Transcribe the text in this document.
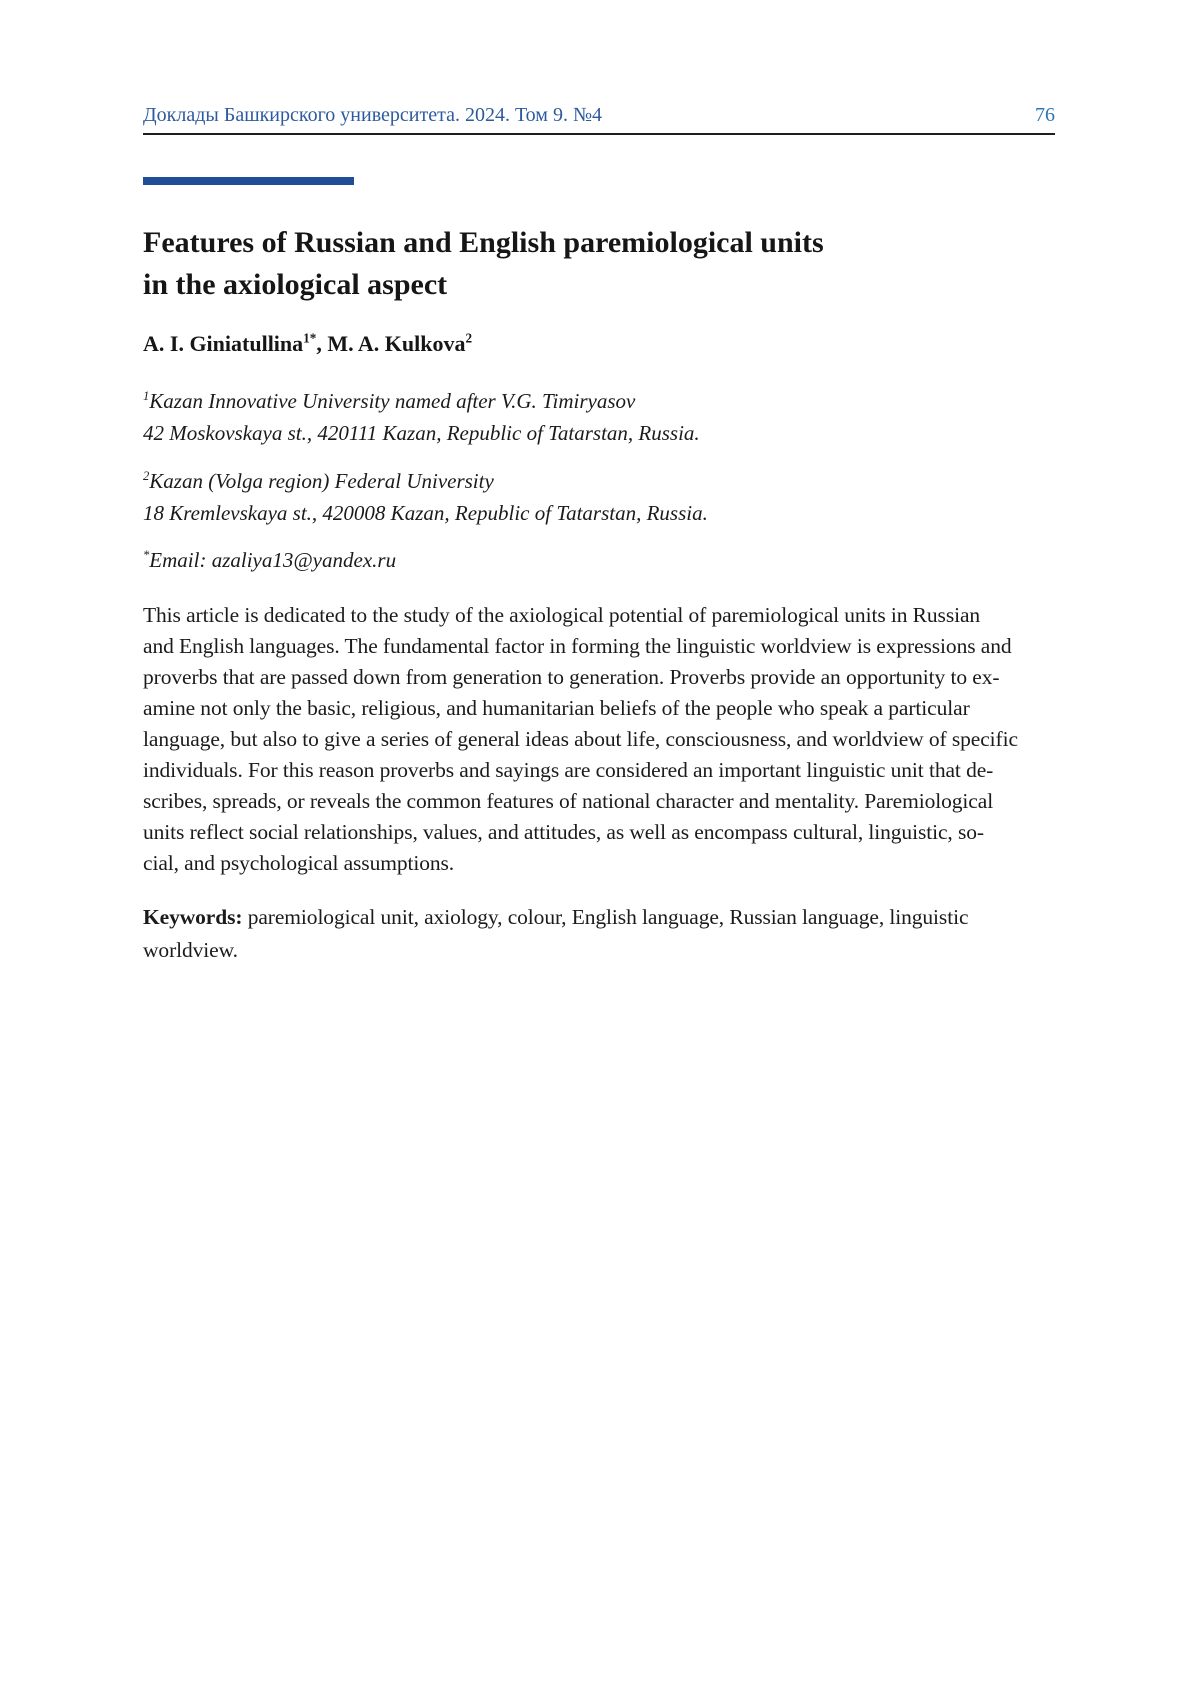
Доклады Башкирского университета. 2024. Том 9. №4	76
Features of Russian and English paremiological units
in the axiological aspect

A. I. Giniatullina$^{1*}$, M. A. Kulkova$^2$

$^1$Kazan Innovative University named after V.G. Timiryasov
42 Moskovskaya st., 420111 Kazan, Republic of Tatarstan, Russia.

$^2$Kazan (Volga region) Federal University
18 Kremlevskaya st., 420008 Kazan, Republic of Tatarstan, Russia.

*Email: azaliya13@yandex.ru

This article is dedicated to the study of the axiological potential of paremiological units in Russian
and English languages. The fundamental factor in forming the linguistic worldview is expressions and
proverbs that are passed down from generation to generation. Proverbs provide an opportunity to ex-
amine not only the basic, religious, and humanitarian beliefs of the people who speak a particular
language, but also to give a series of general ideas about life, consciousness, and worldview of specific
individuals. For this reason proverbs and sayings are considered an important linguistic unit that de-
scribes, spreads, or reveals the common features of national character and mentality. Paremiological
units reflect social relationships, values, and attitudes, as well as encompass cultural, linguistic, so-
cial, and psychological assumptions.

Keywords: paremiological unit, axiology, colour, English language, Russian language, linguistic
worldview.
